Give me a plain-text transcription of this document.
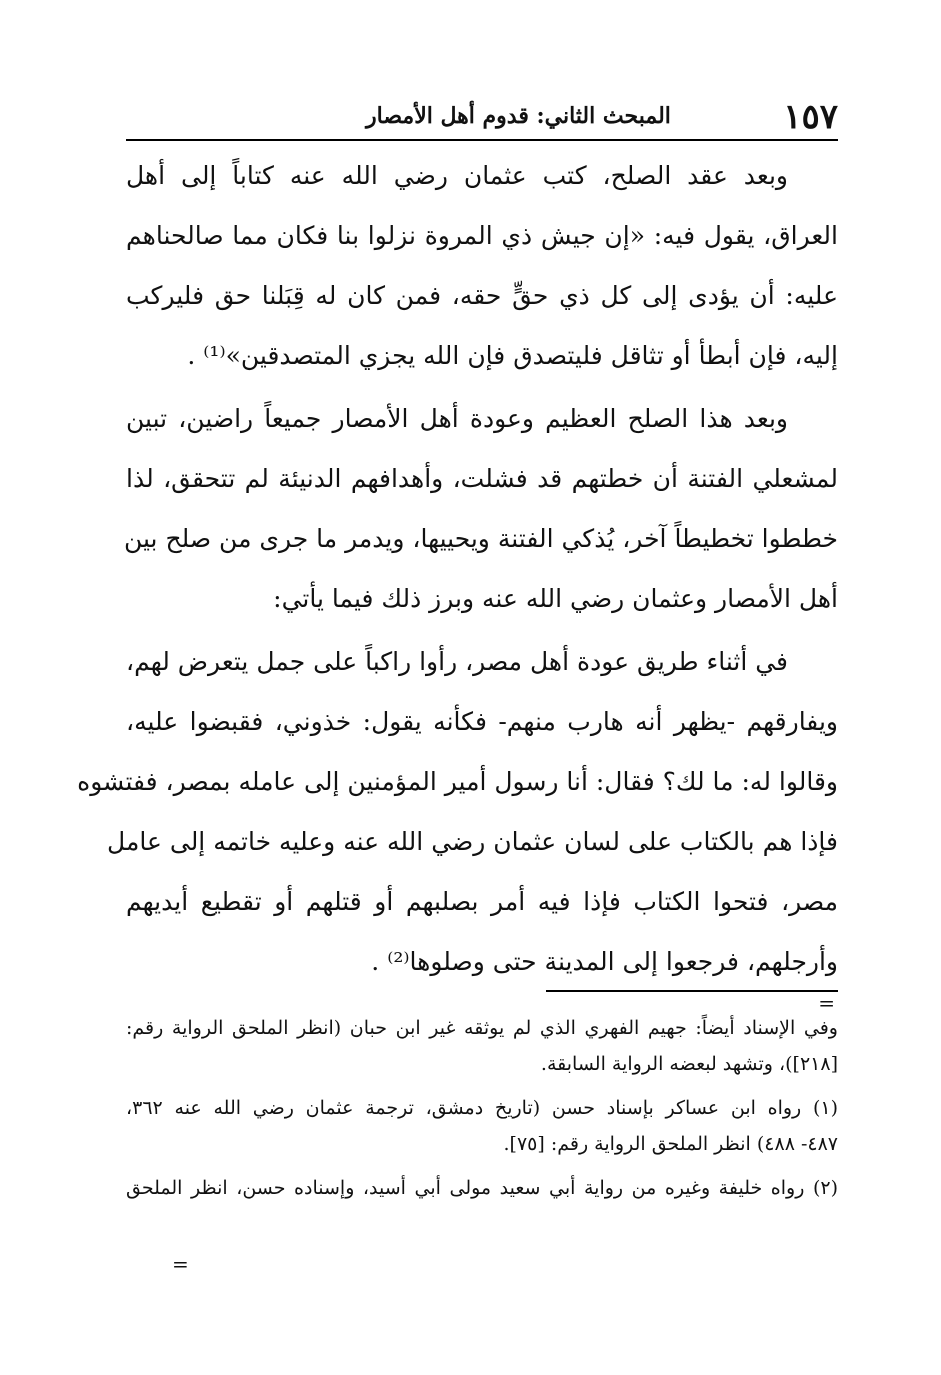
١٥٧
المبحث الثاني: قدوم أهل الأمصار
وبعد عقد الصلح، كتب عثمان رضي الله عنه كتاباً إلى أهل
العراق، يقول فيه: «إن جيش ذي المروة نزلوا بنا فكان مما صالحناهم
عليه: أن يؤدى إلى كل ذي حقٍّ حقه، فمن كان له قِبَلنا حق فليركب
إليه، فإن أبطأ أو تثاقل فليتصدق فإن الله يجزي المتصدقين»⁽¹⁾ .
وبعد هذا الصلح العظيم وعودة أهل الأمصار جميعاً راضين، تبين
لمشعلي الفتنة أن خطتهم قد فشلت، وأهدافهم الدنيئة لم تتحقق، لذا
خططوا تخطيطاً آخر، يُذكي الفتنة ويحييها، ويدمر ما جرى من صلح بين
أهل الأمصار وعثمان رضي الله عنه وبرز ذلك فيما يأتي:
في أثناء طريق عودة أهل مصر، رأوا راكباً على جمل يتعرض لهم،
ويفارقهم -يظهر أنه هارب منهم- فكأنه يقول: خذوني، فقبضوا عليه،
وقالوا له: ما لك؟ فقال: أنا رسول أمير المؤمنين إلى عامله بمصر، ففتشوه
فإذا هم بالكتاب على لسان عثمان رضي الله عنه وعليه خاتمه إلى عامل
مصر، فتحوا الكتاب فإذا فيه أمر بصلبهم أو قتلهم أو تقطيع أيديهم
وأرجلهم، فرجعوا إلى المدينة حتى وصلوها⁽²⁾ .
=
وفي الإسناد أيضاً: جهيم الفهري الذي لم يوثقه غير ابن حبان (انظر الملحق الرواية رقم:
[٢١٨])، وتشهد لبعضه الرواية السابقة.
(١) رواه ابن عساكر بإسناد حسن (تاريخ دمشق، ترجمة عثمان رضي الله عنه ٣٦٢،
٤٨٧- ٤٨٨) انظر الملحق الرواية رقم: [٧٥].
(٢) رواه خليفة وغيره من رواية أبي سعيد مولى أبي أسيد، وإسناده حسن، انظر الملحق
=
